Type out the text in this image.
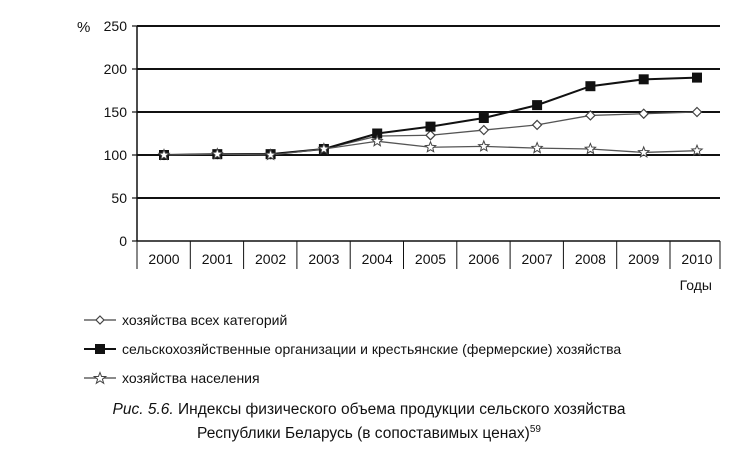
0
50
100
150
200
250
2000 2001 2002 2003 2004 2005 2006 2007 2008 2009 2010
%
Годы
хозяйства всех категорий
сельскохозяйственные организации и крестьянские (фермерские) хозяйства
хозяйства населения
Рис. 5.6. Индексы физического объема продукции сельского хозяйства
Республики Беларусь (в сопоставимых ценах)$^{59}$
